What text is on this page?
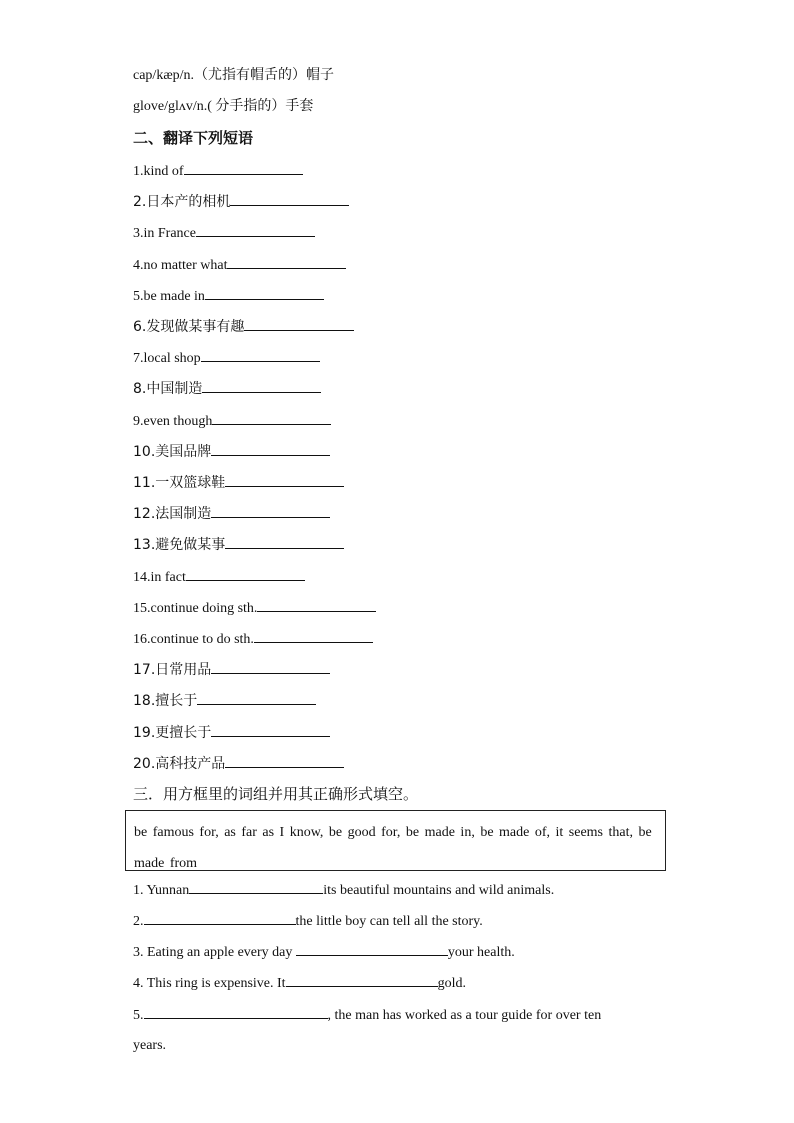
cap/kæp/n.（尤指有帽舌的）帽子
glove/glʌv/n.( 分手指的）手套
二、翻译下列短语
1.kind of
2.日本产的相机
3.in France
4.no matter what
5.be made in
6.发现做某事有趣
7.local shop
8.中国制造
9.even though
10.美国品牌
11.一双篮球鞋
12.法国制造
13.避免做某事
14.in fact
15.continue doing sth.
16.continue to do sth.
17.日常用品
18.擅长于
19.更擅长于
20.高科技产品
三．用方框里的词组并用其正确形式填空。
be famous for, as far as I know, be good for, be made in, be made of, it seems that, be made from
1. Yunnan	its beautiful mountains and wild animals.
2.	the little boy can tell all the story.
3. Eating an apple every day	your health.
4. This ring is expensive. It	gold.
5.	, the man has worked as a tour guide for over ten
years.
